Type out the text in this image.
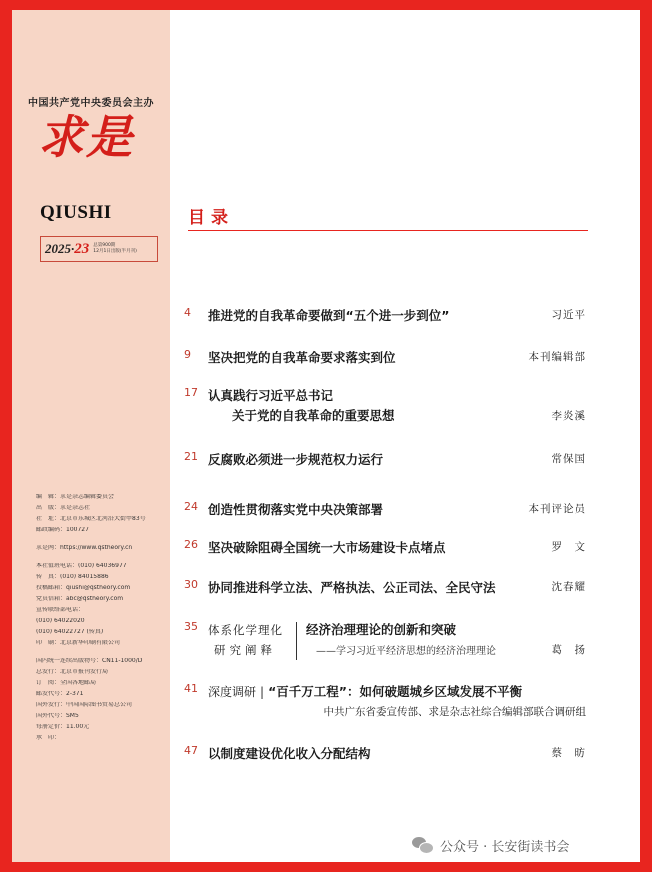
中国共产党中央委员会主办
求是
QIUSHI
2025·23 总第900期
12月1日出版(半月刊)
编　辑：求是杂志编辑委员会
出　版：求是杂志社
社　址：北京市东城区北河沿大街甲83号
邮政编码：100727
求是网：https://www.qstheory.cn
本社值班电话：(010) 64036977
传　真：(010) 84015886
投稿邮箱：qiushi@qstheory.com
党员信箱：abc@qstheory.com
宣传联络部电话：
(010) 64022020
(010) 64022727 (传真)
印　刷：北京新华印刷有限公司
国内统一连续出版物号：CN11-1000/D
总发行：北京市报刊发行局
订　阅：全国各地邮局
邮发代号：2-371
国外发行：中国国际图书贸易总公司
国外代号：SM5
每册定价：11.00元
承　印：
目录
4	推进党的自我革命要做到“五个进一步到位”	习近平
9	坚决把党的自我革命要求落实到位	本刊编辑部
17 认真践行习近平总书记
关于党的自我革命的重要思想	李炎溪
21 反腐败必须进一步规范权力运行	常保国
24 创造性贯彻落实党中央决策部署	本刊评论员
26 坚决破除阻碍全国统一大市场建设卡点堵点	罗　文
30 协同推进科学立法、严格执法、公正司法、全民守法	沈春耀
35 体系化学理化
研究阐释
经济治理理论的创新和突破
——学习习近平经济思想的经济治理理论	葛　扬
41 深度调研 | “百千万工程”：如何破题城乡区域发展不平衡
中共广东省委宣传部、求是杂志社综合编辑部联合调研组
47 以制度建设优化收入分配结构	蔡　昉
公众号 · 长安街读书会
